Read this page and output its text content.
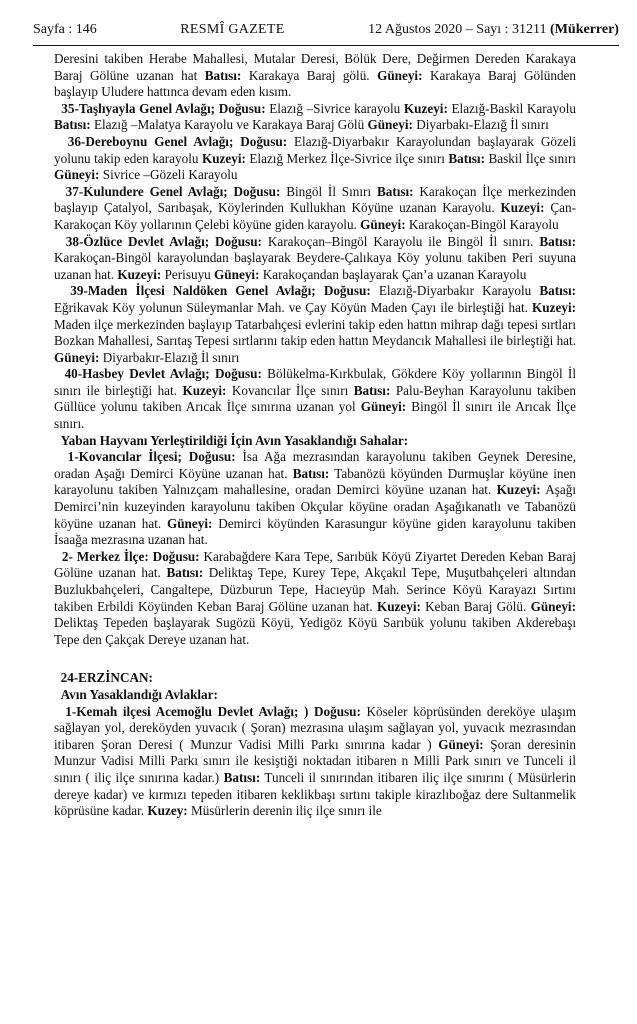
Sayfa : 146	RESMÎ GAZETE	12 Ağustos 2020 – Sayı : 31211 (Mükerrer)

Deresini takiben Herabe Mahallesi, Mutalar Deresi, Bölük Dere, Değirmen Dereden Karakaya Baraj Gölüne uzanan hat Batısı: Karakaya Baraj gölü. Güneyi: Karakaya Baraj Gölünden başlayıp Uludere hattınca devam eden kısım.

35-Taşlıyayla Genel Avlağı; Doğusu: Elazığ –Sivrice karayolu Kuzeyi: Elazığ-Baskil Karayolu Batısı: Elazığ –Malatya Karayolu ve Karakaya Baraj Gölü Güneyi: Diyarbakı-Elazığ İl sınırı

36-Dereboynu Genel Avlağı; Doğusu: Elazığ-Diyarbakır Karayolundan başlayarak Gözeli yolunu takip eden karayolu Kuzeyi: Elazığ Merkez İlçe-Sivrice ilçe sınırı Batısı: Baskil İlçe sınırı Güneyi: Sivrice –Gözeli Karayolu

37-Kulundere Genel Avlağı; Doğusu: Bingöl İl Sınırı Batısı: Karakoçan İlçe merkezinden başlayıp Çatalyol, Sarıbaşak, Köylerinden Kullukhan Köyüne uzanan Karayolu. Kuzeyi: Çan-Karakoçan Köy yollarının Çelebi köyüne giden karayolu. Güneyi: Karakoçan-Bingöl Karayolu

38-Özlüce Devlet Avlağı; Doğusu: Karakoçan–Bingöl Karayolu ile Bingöl İl sınırı. Batısı: Karakoçan-Bingöl karayolundan başlayarak Beydere-Çalıkaya Köy yolunu takiben Peri suyuna uzanan hat. Kuzeyi: Perisuyu Güneyi: Karakoçandan başlayarak Çan’a uzanan Karayolu

39-Maden İlçesi Naldöken Genel Avlağı; Doğusu: Elazığ-Diyarbakır Karayolu Batısı: Eğrikavak Köy yolunun Süleymanlar Mah. ve Çay Köyün Maden Çayı ile birleştiği hat. Kuzeyi: Maden ilçe merkezinden başlayıp Tatarbahçesi evlerini takip eden hattın mihrap dağı tepesi sırtları Bozkan Mahallesi, Sarıtaş Tepesi sırtlarını takip eden hattın Meydancık Mahallesi ile birleştiği hat. Güneyi: Diyarbakır-Elazığ İl sınırı

40-Hasbey Devlet Avlağı; Doğusu: Bölükelma-Kırkbulak, Gökdere Köy yollarının Bingöl İl sınırı ile birleştiği hat. Kuzeyi: Kovancılar İlçe sınırı Batısı: Palu-Beyhan Karayolunu takiben Güllüce yolunu takiben Arıcak İlçe sınırına uzanan yol Güneyi: Bingöl İl sınırı ile Arıcak İlçe sınırı.

Yaban Hayvanı Yerleştirildiği İçin Avın Yasaklandığı Sahalar:

1-Kovancılar İlçesi; Doğusu: İsa Ağa mezrasından karayolunu takiben Geynek Deresine, oradan Aşağı Demirci Köyüne uzanan hat. Batısı: Tabanözü köyünden Durmuşlar köyüne inen karayolunu takiben Yalnızçam mahallesine, oradan Demirci köyüne uzanan hat. Kuzeyi: Aşağı Demirci’nin kuzeyinden karayolunu takiben Okçular köyüne oradan Aşağıkanatlı ve Tabanözü köyüne uzanan hat. Güneyi: Demirci köyünden Karasungur köyüne giden karayolunu takiben İsaağa mezrasına uzanan hat.

2- Merkez İlçe: Doğusu: Karabağdere Kara Tepe, Sarıbük Köyü Ziyartet Dereden Keban Baraj Gölüne uzanan hat. Batısı: Deliktaş Tepe, Kurey Tepe, Akçakıl Tepe, Muşutbahçeleri altından Buzlukbahçeleri, Cangaltepe, Düzburun Tepe, Hacıeyüp Mah. Serince Köyü Karayazı Sırtını takiben Erbildi Köyünden Keban Baraj Gölüne uzanan hat. Kuzeyi: Keban Baraj Gölü. Güneyi: Deliktaş Tepeden başlayarak Sugözü Köyü, Yedigöz Köyü Sarıbük yolunu takiben Akderebaşı Tepe den Çakçak Dereye uzanan hat.

24-ERZİNCAN:

Avın Yasaklandığı Avlaklar:

1-Kemah ilçesi Acemoğlu Devlet Avlağı; ) Doğusu: Köseler köprüsünden dereköye ulaşım sağlayan yol, dereköyden yuvacık ( Şoran) mezrasına ulaşım sağlayan yol, yuvacık mezrasından itibaren Şoran Deresi ( Munzur Vadisi Milli Parkı sınırına kadar ) Güneyi: Şoran deresinin Munzur Vadisi Milli Parkı sınırı ile kesiştiği noktadan itibaren n Milli Park sınırı ve Tunceli il sınırı ( iliç ilçe sınırına kadar.) Batısı: Tunceli il sınırından itibaren iliç ilçe sınırını ( Müsürlerin dereye kadar) ve kırmızı tepeden itibaren keklikbaşı sırtını takiple kirazlıboğaz dere Sultanmelik köprüsüne kadar. Kuzey: Müsürlerin derenin iliç ilçe sınırı ile
